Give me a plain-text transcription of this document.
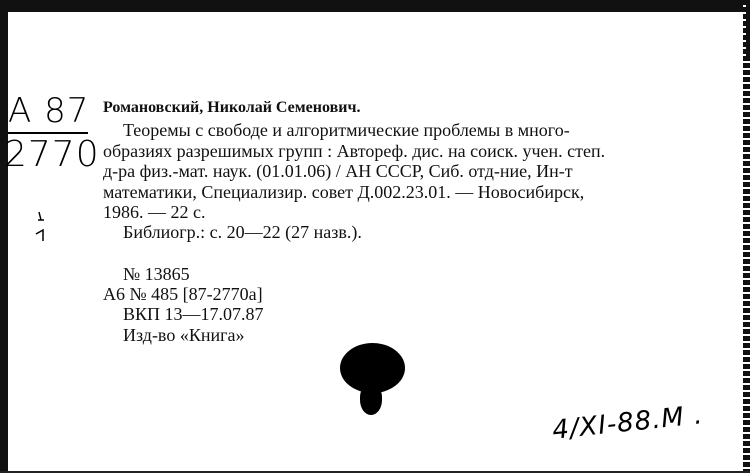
A 87
2770
Романовский, Николай Семенович.
Теоремы с свободе и алгоритмические проблемы в много-
образиях разрешимых групп : Автореф. дис. на соиск. учен. степ.
д-ра физ.-мат. наук. (01.01.06) / АН СССР, Сиб. отд-ние, Ин-т
математики, Специализир. совет Д.002.23.01. — Новосибирск,
1986. — 22 с.
Библиогр.: с. 20—22 (27 назв.).
№ 13865
А6 № 485 [87-2770а]
ВКП 13—17.07.87
Изд-во «Книга»
4/XI-88.M .
